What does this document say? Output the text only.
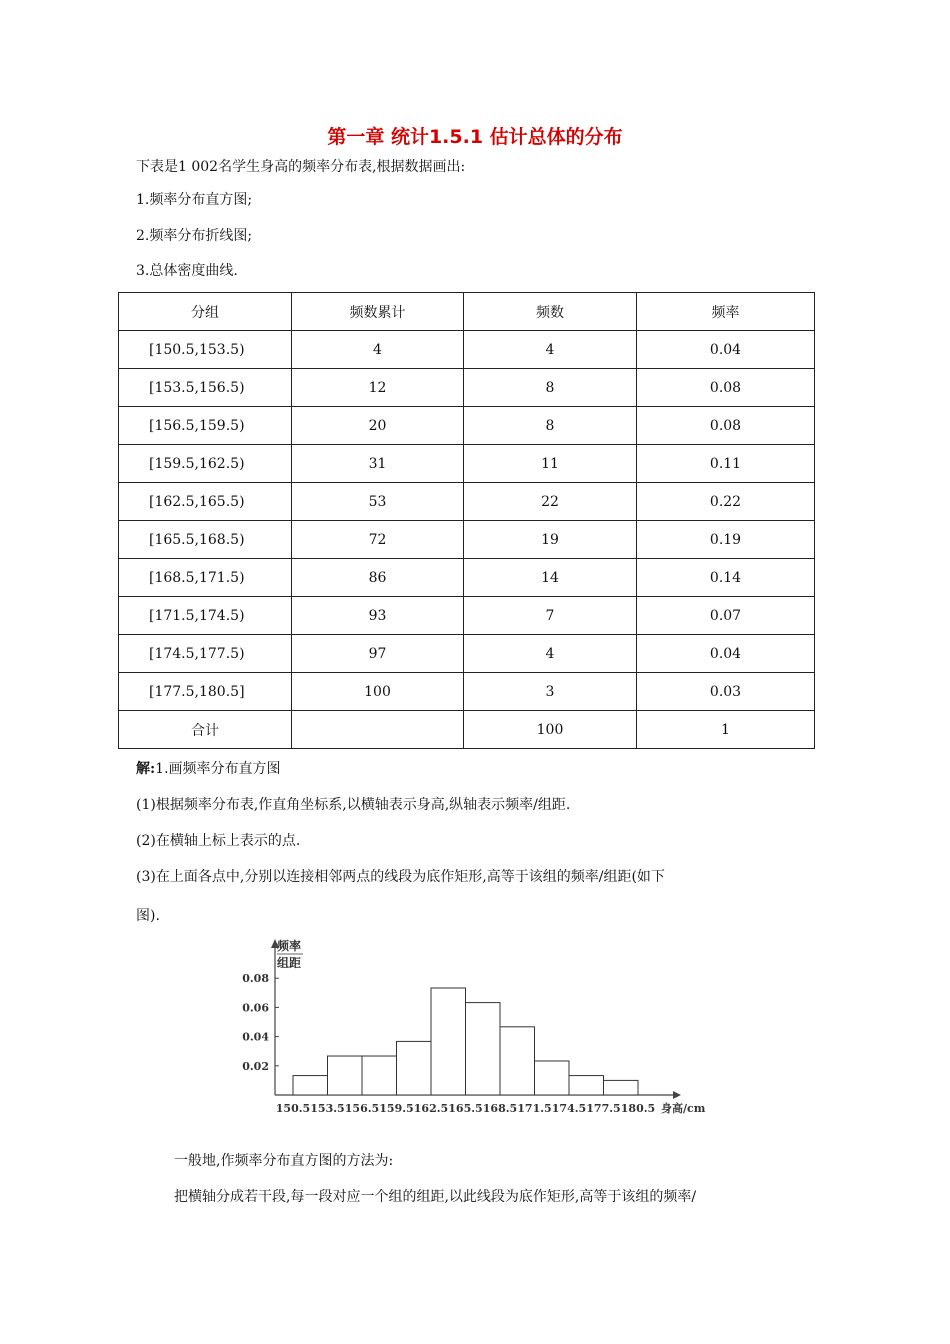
第一章 统计1.5.1 估计总体的分布
下表是1 002名学生身高的频率分布表,根据数据画出:
1.频率分布直方图;
2.频率分布折线图;
3.总体密度曲线.
分组	频数累计	频数	频率
[150.5,153.5)	4	4	0.04
[153.5,156.5)	12	8	0.08
[156.5,159.5)	20	8	0.08
[159.5,162.5)	31	11	0.11
[162.5,165.5)	53	22	0.22
[165.5,168.5)	72	19	0.19
[168.5,171.5)	86	14	0.14
[171.5,174.5)	93	7	0.07
[174.5,177.5)	97	4	0.04
[177.5,180.5]	100	3	0.03
合计		100	1
解:1.画频率分布直方图
(1)根据频率分布表,作直角坐标系,以横轴表示身高,纵轴表示频率/组距.
(2)在横轴上标上表示的点.
(3)在上面各点中,分别以连接相邻两点的线段为底作矩形,高等于该组的频率/组距(如下
图).
0.02
0.04
0.06
0.08
150.5 153.5 156.5 159.5 162.5 165.5 168.5 171.5 174.5 177.5 180.5
频率
组距
身高/cm
一般地,作频率分布直方图的方法为:
把横轴分成若干段,每一段对应一个组的组距,以此线段为底作矩形,高等于该组的频率/
